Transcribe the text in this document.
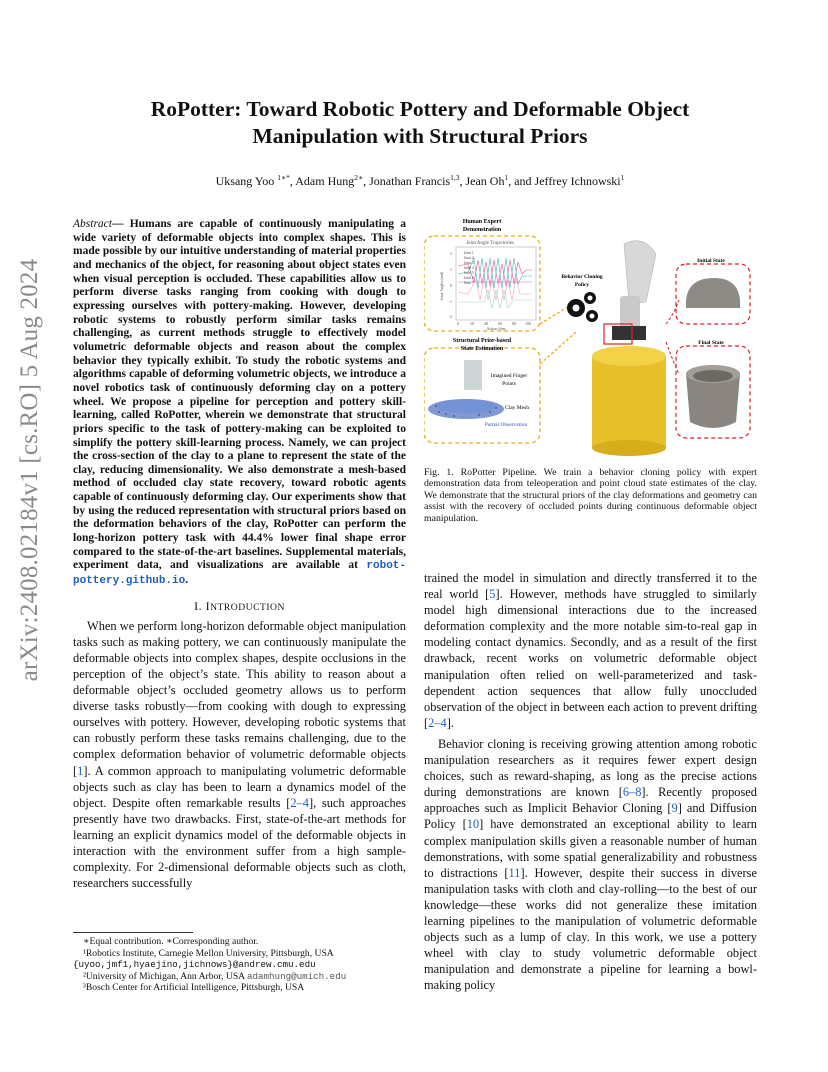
arXiv:2408.02184v1 [cs.RO] 5 Aug 2024
RoPotter: Toward Robotic Pottery and Deformable Object
Manipulation with Structural Priors
Uksang Yoo $^{1∗*}$, Adam Hung$^{2∗}$, Jonathan Francis$^{1,3}$, Jean Oh$^1$, and Jeffrey Ichnowski$^1$
Abstract— Humans are capable of continuously manipulating a wide variety of deformable objects into complex shapes. This is made possible by our intuitive understanding of material properties and mechanics of the object, for reasoning about object states even when visual perception is occluded. These capabilities allow us to perform diverse tasks ranging from cooking with dough to expressing ourselves with pottery-making. However, developing robotic systems to robustly perform similar tasks remains challenging, as current methods struggle to effectively model volumetric deformable objects and reason about the complex behavior they typically exhibit. To study the robotic systems and algorithms capable of deforming volumetric objects, we introduce a novel robotics task of continuously deforming clay on a pottery wheel. We propose a pipeline for perception and pottery skill-learning, called RoPotter, wherein we demonstrate that structural priors specific to the task of pottery-making can be exploited to simplify the pottery skill-learning process. Namely, we can project the cross-section of the clay to a plane to represent the state of the clay, reducing dimensionality. We also demonstrate a mesh-based method of occluded clay state recovery, toward robotic agents capable of continuously deforming clay. Our experiments show that by using the reduced representation with structural priors based on the deformation behaviors of the clay, RoPotter can perform the long-horizon pottery task with 44.4% lower final shape error compared to the state-of-the-art baselines. Supplemental materials, experiment data, and visualizations are available at robot-pottery.github.io.
I. INTRODUCTION

When we perform long-horizon deformable object manipulation tasks such as making pottery, we can continuously manipulate the deformable objects into complex shapes, despite occlusions in the perception of the object’s state. This ability to reason about a deformable object’s occluded geometry allows us to perform diverse tasks robustly—from cooking with dough to expressing ourselves with pottery. However, developing robotic systems that can robustly perform these tasks remains challenging, due to the complex deformation behavior of volumetric deformable objects [1]. A common approach to manipulating volumetric deformable objects such as clay has been to learn a dynamics model of the object. Despite often remarkable results [2–4], such approaches presently have two drawbacks. First, state-of-the-art methods for learning an explicit dynamics model of the deformable objects in interaction with the environment suffer from a high sample-complexity. For 2-dimensional deformable objects such as cloth, researchers successfully

∗Equal contribution. ∗Corresponding author.
¹Robotics Institute, Carnegie Mellon University, Pittsburgh, USA
{uyoo,jmf1,hyaejino,jichnows}@andrew.cmu.edu
²University of Michigan, Ann Arbor, USA adamhung@umich.edu
³Bosch Center for Artificial Intelligence, Pittsburgh, USA
Human Expert
Demonstration
Joint Angle Trajectories
Joint 1
Joint 2
Joint 3
Joint 4
Joint 5
Joint 6
Joint 7
2
1
0
-1
-2
0	20	40	60	80 100
Action Step
Joint Angles (rad)
Structural Prior-based
State Estimation
Imagined Finger
Points
Clay Mesh
Partial Observation
Behavior Cloning
Policy
Initial State
Final State
Fig. 1. RoPotter Pipeline. We train a behavior cloning policy with expert demonstration data from teleoperation and point cloud state estimates of the clay. We demonstrate that the structural priors of the clay deformations and geometry can assist with the recovery of occluded points during continuous deformable object manipulation.

trained the model in simulation and directly transferred it to the real world [5]. However, methods have struggled to similarly model high dimensional interactions due to the increased deformation complexity and the more notable sim-to-real gap in modeling contact dynamics. Secondly, and as a result of the first drawback, recent works on volumetric deformable object manipulation often relied on well-parameterized and task-dependent action sequences that allow fully unoccluded observation of the object in between each action to prevent drifting [2–4].

Behavior cloning is receiving growing attention among robotic manipulation researchers as it requires fewer expert design choices, such as reward-shaping, as long as the precise actions during demonstrations are known [6–8]. Recently proposed approaches such as Implicit Behavior Cloning [9] and Diffusion Policy [10] have demonstrated an exceptional ability to learn complex manipulation skills given a reasonable number of human demonstrations, with some spatial generalizability and robustness to distractions [11]. However, despite their success in diverse manipulation tasks with cloth and clay-rolling—to the best of our knowledge—these works did not generalize these imitation learning pipelines to the manipulation of volumetric deformable objects such as a lump of clay. In this work, we use a pottery wheel with clay to study volumetric deformable object manipulation and demonstrate a pipeline for learning a bowl-making policy
